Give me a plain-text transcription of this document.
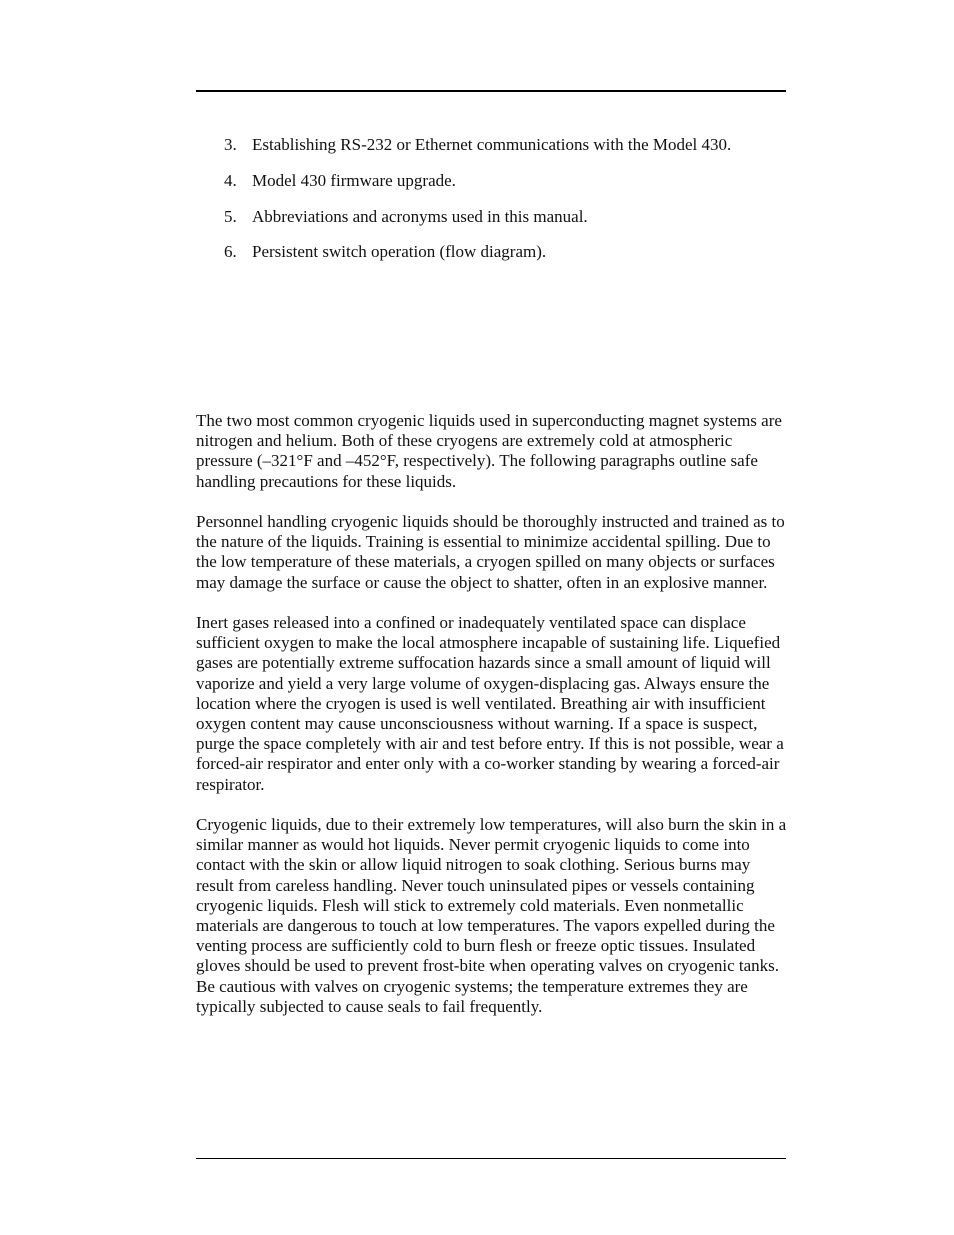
3. Establishing RS-232 or Ethernet communications with the Model 430.
4. Model 430 firmware upgrade.
5. Abbreviations and acronyms used in this manual.
6. Persistent switch operation (flow diagram).

The two most common cryogenic liquids used in superconducting magnet systems are nitrogen and helium. Both of these cryogens are extremely cold at atmospheric pressure (–321°F and –452°F, respectively). The following paragraphs outline safe handling precautions for these liquids.

Personnel handling cryogenic liquids should be thoroughly instructed and trained as to the nature of the liquids. Training is essential to minimize accidental spilling. Due to the low temperature of these materials, a cryogen spilled on many objects or surfaces may damage the surface or cause the object to shatter, often in an explosive manner.

Inert gases released into a confined or inadequately ventilated space can displace sufficient oxygen to make the local atmosphere incapable of sustaining life. Liquefied gases are potentially extreme suffocation hazards since a small amount of liquid will vaporize and yield a very large volume of oxygen-displacing gas. Always ensure the location where the cryogen is used is well ventilated. Breathing air with insufficient oxygen content may cause unconsciousness without warning. If a space is suspect, purge the space completely with air and test before entry. If this is not possible, wear a forced-air respirator and enter only with a co-worker standing by wearing a forced-air respirator.

Cryogenic liquids, due to their extremely low temperatures, will also burn the skin in a similar manner as would hot liquids. Never permit cryogenic liquids to come into contact with the skin or allow liquid nitrogen to soak clothing. Serious burns may result from careless handling. Never touch uninsulated pipes or vessels containing cryogenic liquids. Flesh will stick to extremely cold materials. Even nonmetallic materials are dangerous to touch at low temperatures. The vapors expelled during the venting process are sufficiently cold to burn flesh or freeze optic tissues. Insulated gloves should be used to prevent frost-bite when operating valves on cryogenic tanks. Be cautious with valves on cryogenic systems; the temperature extremes they are typically subjected to cause seals to fail frequently.
